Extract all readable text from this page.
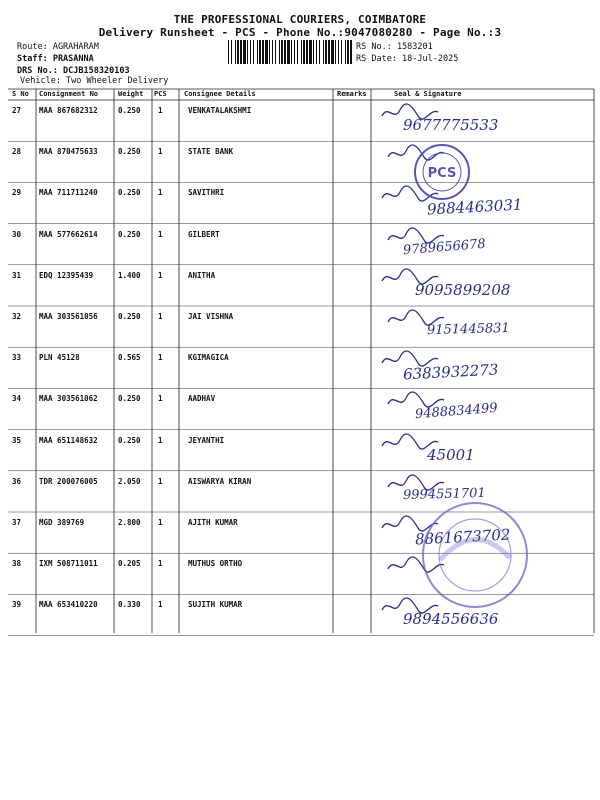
THE PROFESSIONAL COURIERS, COIMBATORE
Delivery Runsheet - PCS - Phone No.:9047080280 - Page No.:3
Route: AGRAHARAM
Staff: PRASANNA
DRS No.: DCJB158320103
Vehicle: Two Wheeler Delivery
RS No.: 1583201
RS Date: 18-Jul-2025
S No Consignment No	Weight PCS Consignee Details	Remarks	Seal & Signature
27 MAA 867682312	0.250 1	VENKATALAKSHMI
9677775533
28 MAA 870475633	0.250 1	STATE BANK
29 MAA 711711240	0.250 1	SAVITHRI
9884463031
30 MAA 577662614	0.250 1	GILBERT
9789656678
31 EDQ 12395439	1.400 1	ANITHA
9095899208
32 MAA 303561056	0.250 1	JAI VISHNA
9151445831
33 PLN 45128	0.565 1	KGIMAGICA
6383932273
34 MAA 303561062	0.250 1	AADHAV
9488834499
35 MAA 651148632	0.250 1	JEYANTHI
45001
36 TDR 200076005	2.050 1	AISWARYA KIRAN
9994551701
37 MGD 389769	2.800 1	AJITH KUMAR
8861673702
38 IXM 508711011	0.205 1	MUTHUS ORTHO
39 MAA 653410220	0.330 1	SUJITH KUMAR
9894556636
PCS
